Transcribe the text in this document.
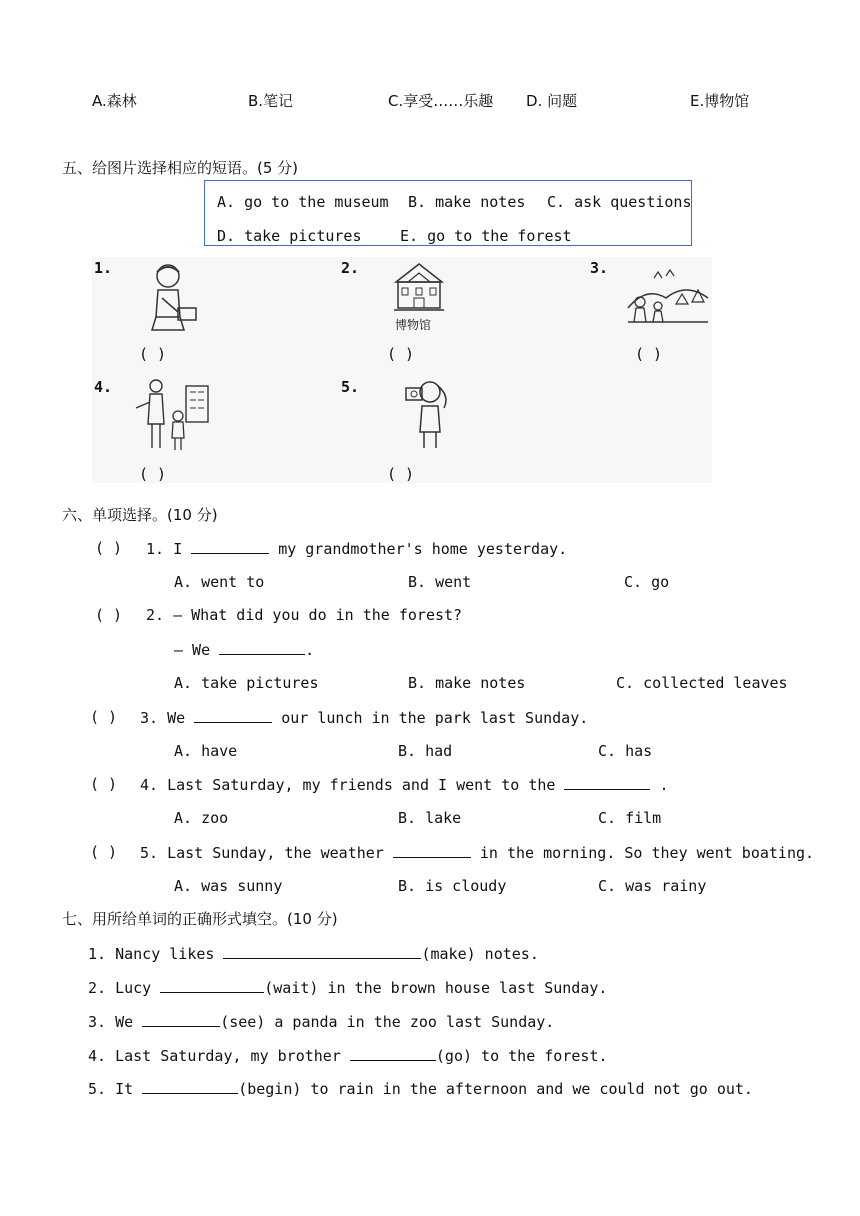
A.森林	B.笔记	C.享受……乐趣 D. 问题	E.博物馆
五、给图片选择相应的短语。(5 分)
A. go to the museum B. make notes C. ask questions
D. take pictures	E. go to the forest
1.
( )
2.
博物馆
( )
3.
( )
4.
( )
5.
( )
六、单项选择。(10 分)
( ) 1. I	my grandmother's home yesterday.
A. went to	B. went	C. go
( ) 2. — What did you do in the forest?
— We	.
A. take pictures	B. make notes	C. collected leaves
( ) 3. We	our lunch in the park last Sunday.
A. have	B. had	C. has
( ) 4. Last Saturday, my friends and I went to the	.
A. zoo	B. lake	C. film
( ) 5. Last Sunday, the weather	in the morning. So they went boating.
A. was sunny	B. is cloudy	C. was rainy
七、用所给单词的正确形式填空。(10 分)
1. Nancy likes	(make) notes.
2. Lucy	(wait) in the brown house last Sunday.
3. We	(see) a panda in the zoo last Sunday.
4. Last Saturday, my brother	(go) to the forest.
5. It	(begin) to rain in the afternoon and we could not go out.
